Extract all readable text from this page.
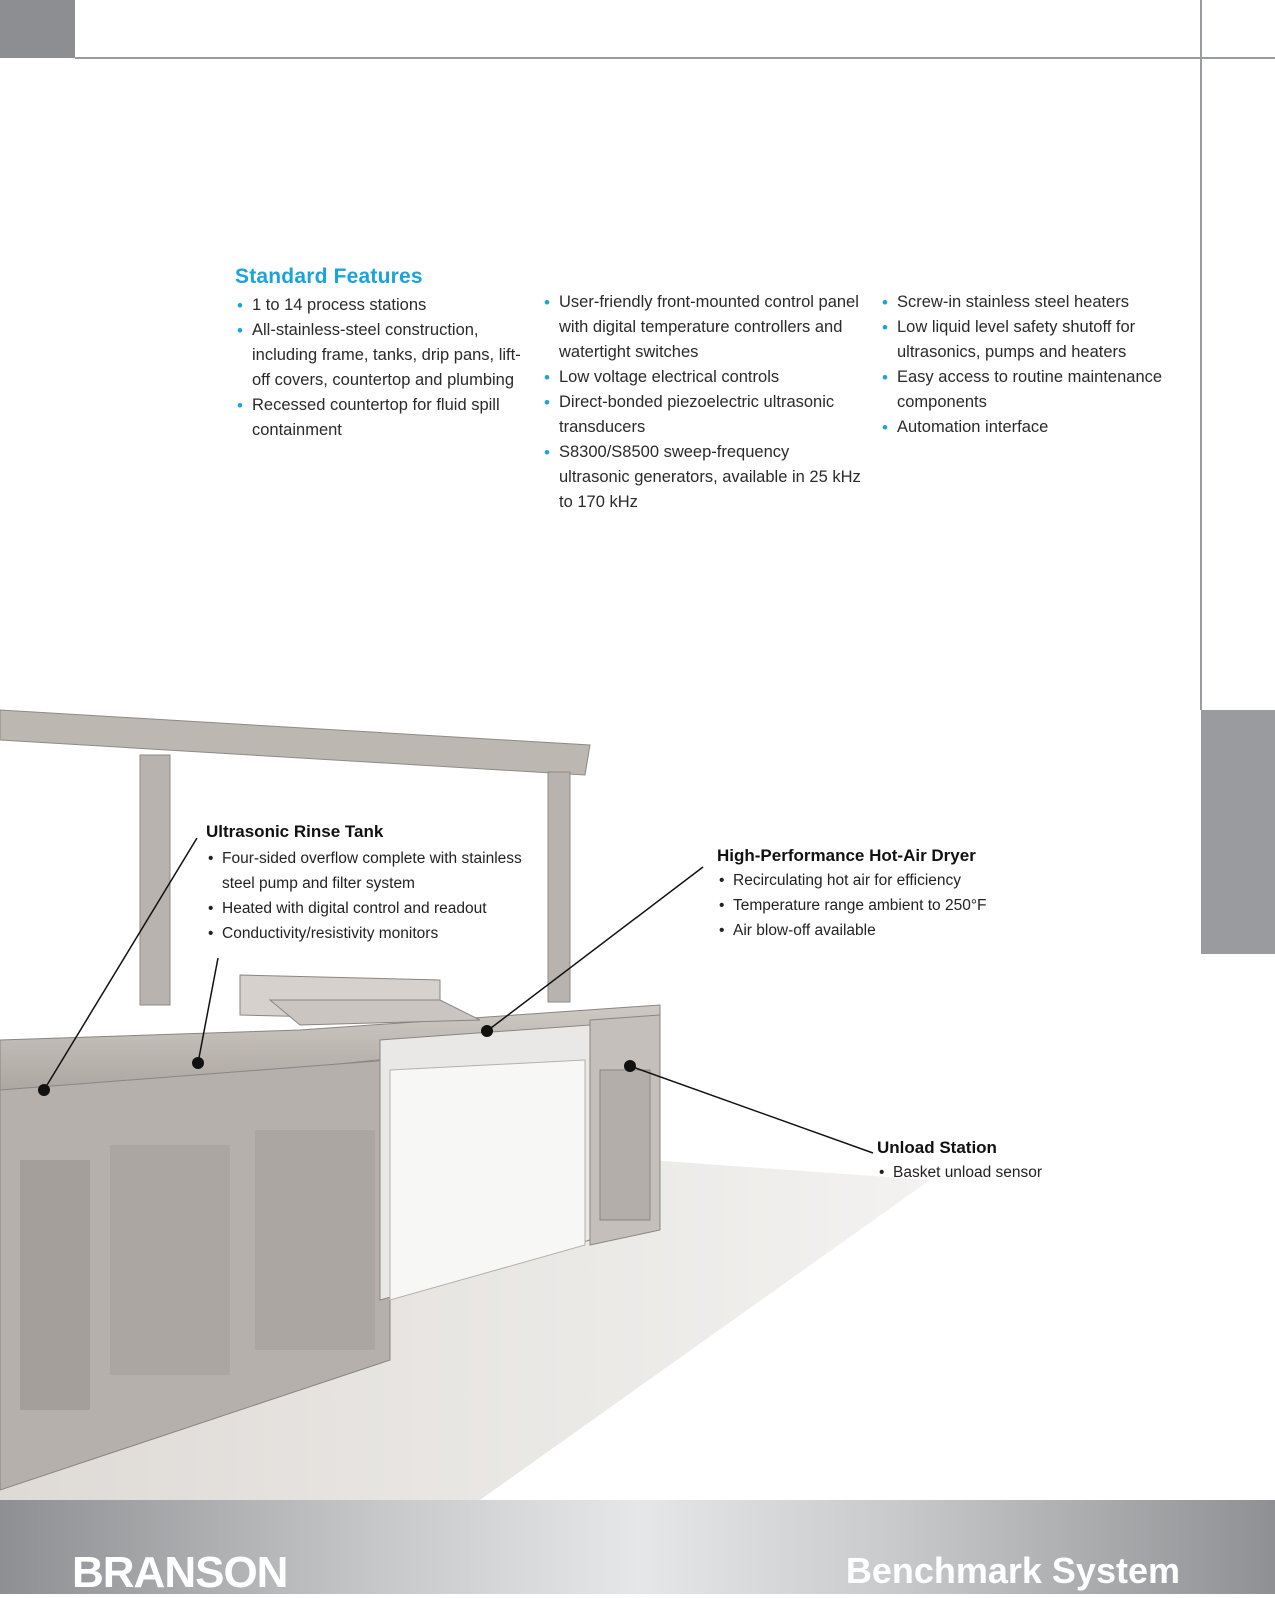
Standard Features
• 1 to 14 process stations
• All-stainless-steel construction, including frame, tanks, drip pans, lift-off covers, countertop and plumbing
• Recessed countertop for fluid spill containment
• User-friendly front-mounted control panel with digital temperature controllers and watertight switches
• Low voltage electrical controls
• Direct-bonded piezoelectric ultrasonic transducers
• S8300/S8500 sweep-frequency ultrasonic generators, available in 25 kHz to 170 kHz
• Screw-in stainless steel heaters
• Low liquid level safety shutoff for ultrasonics, pumps and heaters
• Easy access to routine maintenance components
• Automation interface
Ultrasonic Rinse Tank
• Four-sided overflow complete with stainless steel pump and filter system
• Heated with digital control and readout
• Conductivity/resistivity monitors
High-Performance Hot-Air Dryer
• Recirculating hot air for efficiency
• Temperature range ambient to 250°F
• Air blow-off available
Unload Station
• Basket unload sensor
BRANSON	Benchmark System
